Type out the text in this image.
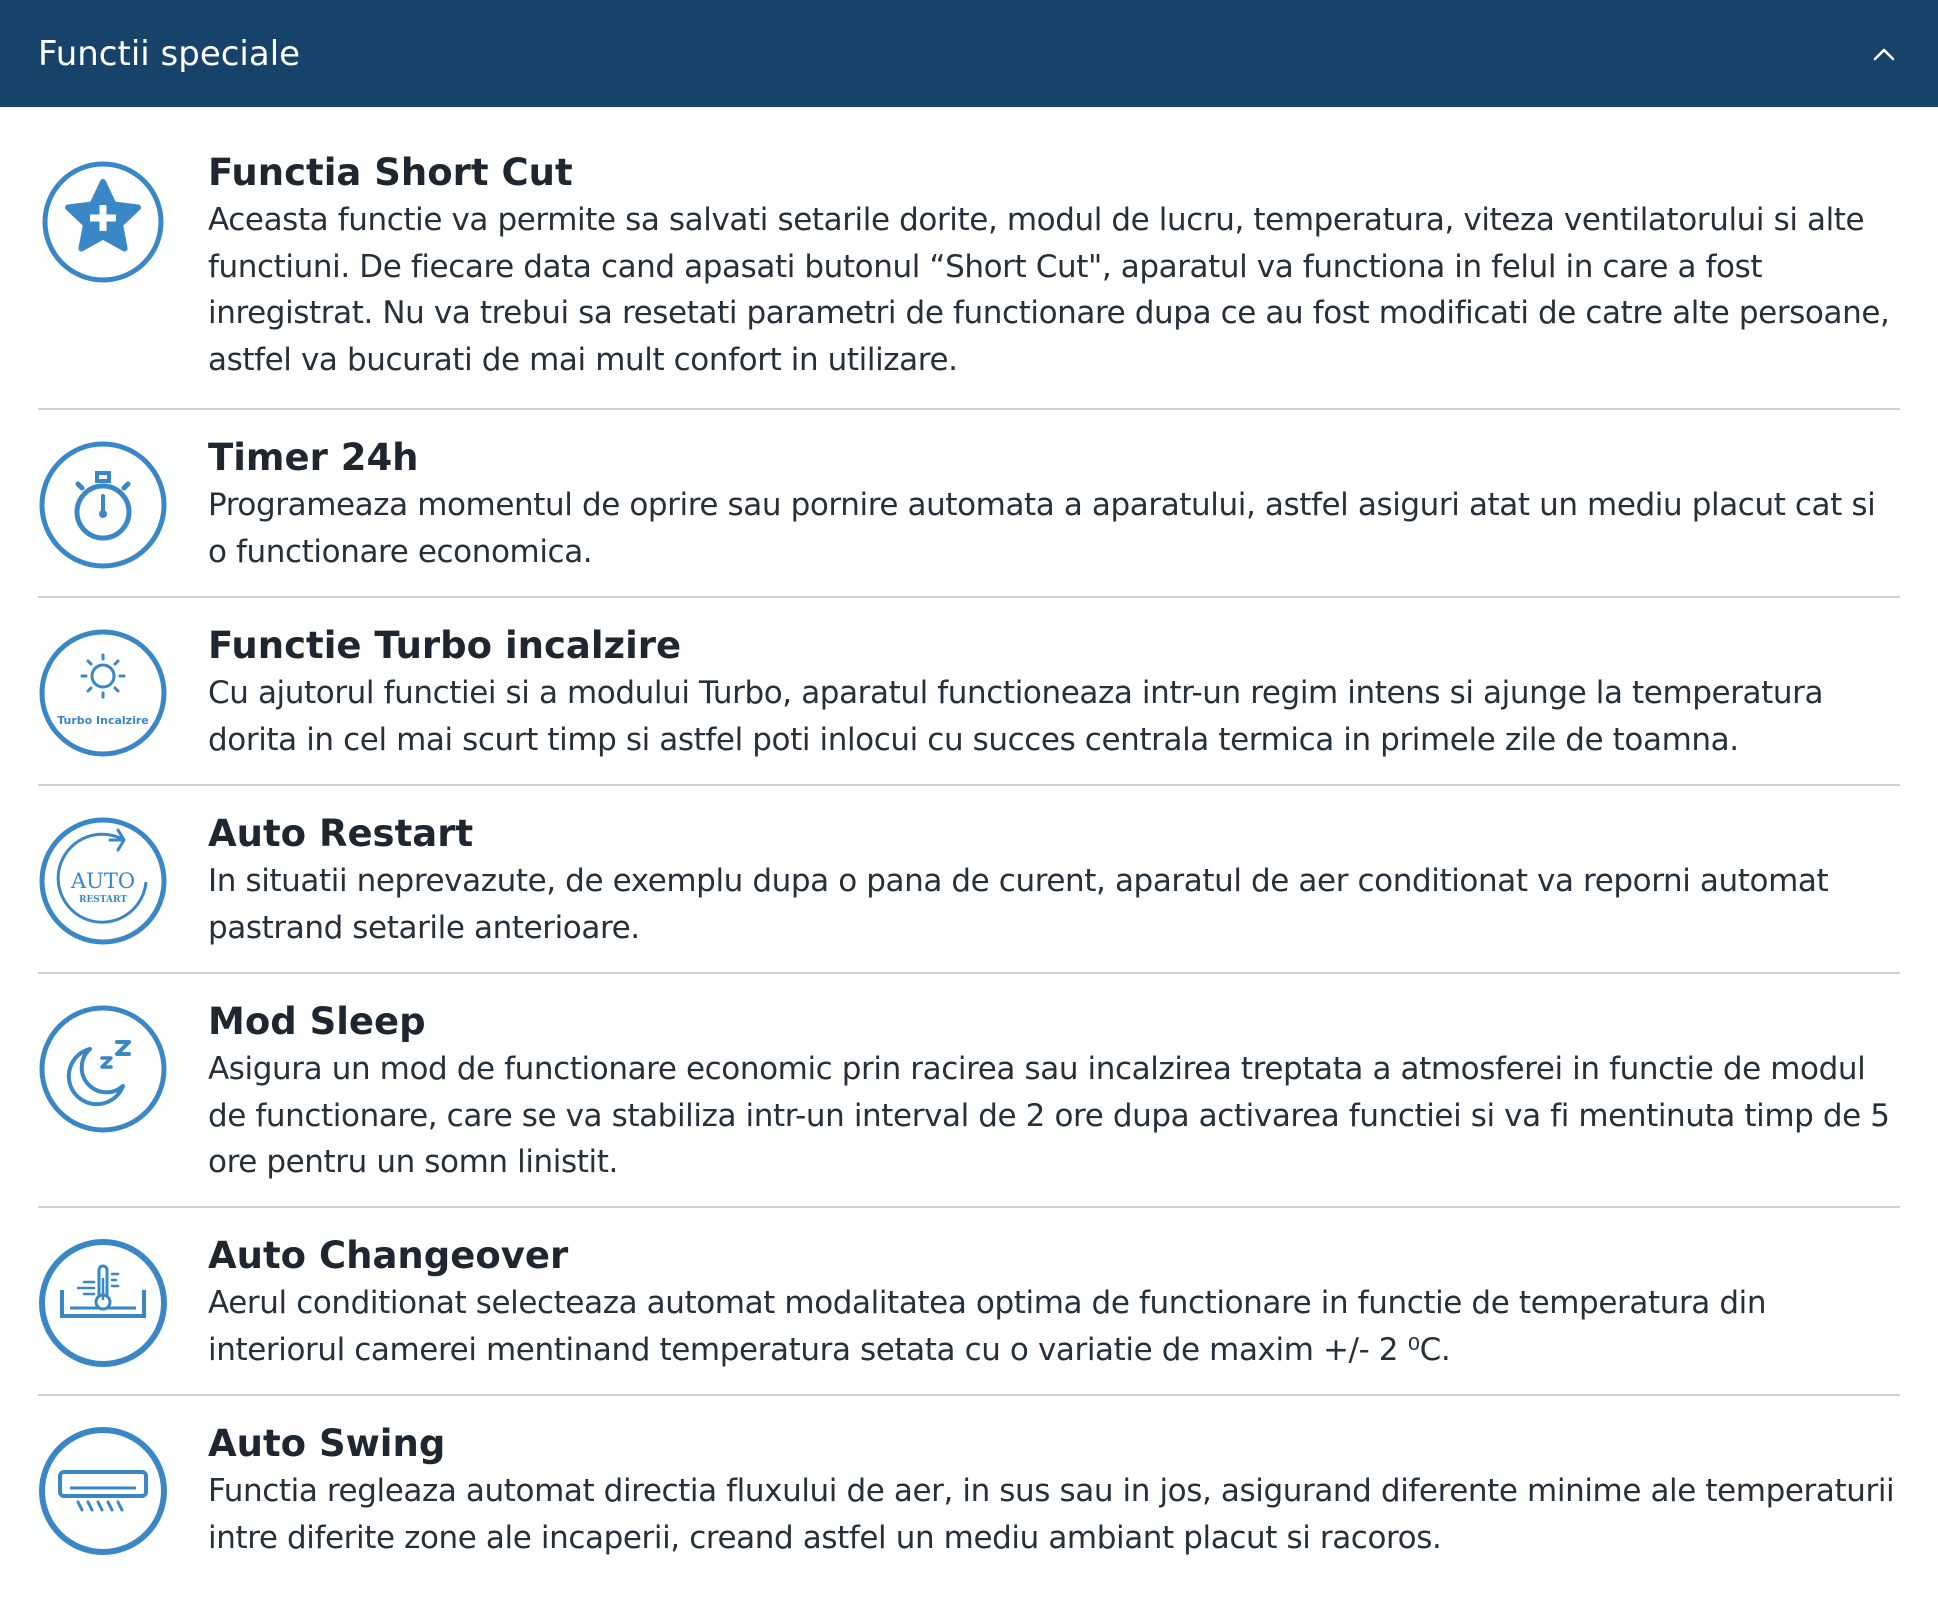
Functii speciale

Functia Short Cut

Aceasta functie va permite sa salvati setarile dorite, modul de lucru, temperatura, viteza ventilatorului si alte functiuni. De fiecare data cand apasati butonul “Short Cut", aparatul va functiona in felul in care a fost inregistrat. Nu va trebui sa resetati parametri de functionare dupa ce au fost modificati de catre alte persoane, astfel va bucurati de mai mult confort in utilizare.

Timer 24h

Programeaza momentul de oprire sau pornire automata a aparatului, astfel asiguri atat un mediu placut cat si o functionare economica.

Turbo Incalzire

Functie Turbo incalzire

Cu ajutorul functiei si a modului Turbo, aparatul functioneaza intr-un regim intens si ajunge la temperatura dorita in cel mai scurt timp si astfel poti inlocui cu succes centrala termica in primele zile de toamna.

AUTO
RESTART

Auto Restart

In situatii neprevazute, de exemplu dupa o pana de curent, aparatul de aer conditionat va reporni automat pastrand setarile anterioare.

Mod Sleep

Asigura un mod de functionare economic prin racirea sau incalzirea treptata a atmosferei in functie de modul de functionare, care se va stabiliza intr-un interval de 2 ore dupa activarea functiei si va fi mentinuta timp de 5 ore pentru un somn linistit.

Auto Changeover

Aerul conditionat selecteaza automat modalitatea optima de functionare in functie de temperatura din interiorul camerei mentinand temperatura setata cu o variatie de maxim +/- 2 ⁰C.

Auto Swing

Functia regleaza automat directia fluxului de aer, in sus sau in jos, asigurand diferente minime ale temperaturii intre diferite zone ale incaperii, creand astfel un mediu ambiant placut si racoros.
